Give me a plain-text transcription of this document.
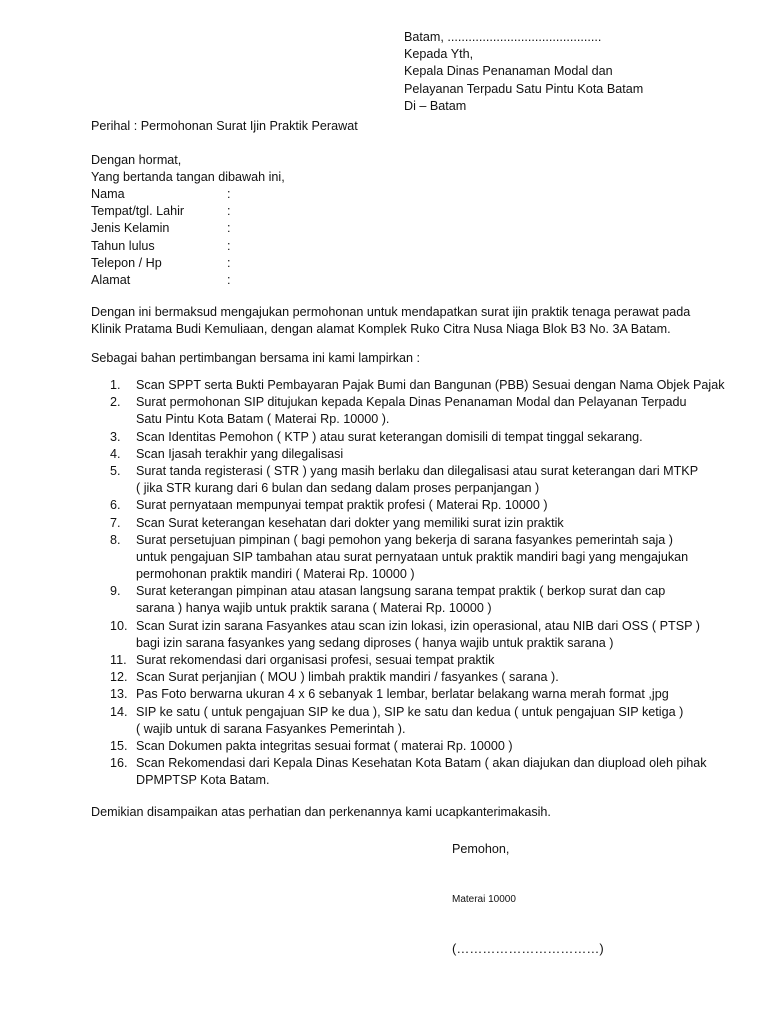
Batam, ............................................
Kepada Yth,
Kepala Dinas Penanaman Modal dan
Pelayanan Terpadu Satu Pintu Kota Batam
Di – Batam
Perihal : Permohonan Surat Ijin Praktik Perawat
Dengan hormat,
Yang bertanda tangan dibawah ini,
Nama	:
Tempat/tgl. Lahir	:
Jenis Kelamin	:
Tahun lulus	:
Telepon / Hp	:
Alamat	:
Dengan ini bermaksud mengajukan permohonan untuk mendapatkan surat ijin praktik tenaga perawat pada
Klinik Pratama Budi Kemuliaan, dengan alamat Komplek Ruko Citra Nusa Niaga Blok B3 No. 3A Batam.
Sebagai bahan pertimbangan bersama ini kami lampirkan :
1. Scan SPPT serta Bukti Pembayaran Pajak Bumi dan Bangunan (PBB) Sesuai dengan Nama Objek Pajak
2. Surat permohonan SIP ditujukan kepada Kepala Dinas Penanaman Modal dan Pelayanan Terpadu
Satu Pintu Kota Batam ( Materai Rp. 10000 ).
3. Scan Identitas Pemohon ( KTP ) atau surat keterangan domisili di tempat tinggal sekarang.
4. Scan Ijasah terakhir yang dilegalisasi
5. Surat tanda registerasi ( STR ) yang masih berlaku dan dilegalisasi atau surat keterangan dari MTKP
( jika STR kurang dari 6 bulan dan sedang dalam proses perpanjangan )
6. Surat pernyataan mempunyai tempat praktik profesi ( Materai Rp. 10000 )
7. Scan Surat keterangan kesehatan dari dokter yang memiliki surat izin praktik
8. Surat persetujuan pimpinan ( bagi pemohon yang bekerja di sarana fasyankes pemerintah saja )
untuk pengajuan SIP tambahan atau surat pernyataan untuk praktik mandiri bagi yang mengajukan
permohonan praktik mandiri ( Materai Rp. 10000 )
9. Surat keterangan pimpinan atau atasan langsung sarana tempat praktik ( berkop surat dan cap
sarana ) hanya wajib untuk praktik sarana ( Materai Rp. 10000 )
10. Scan Surat izin sarana Fasyankes atau scan izin lokasi, izin operasional, atau NIB dari OSS ( PTSP )
bagi izin sarana fasyankes yang sedang diproses ( hanya wajib untuk praktik sarana )
11. Surat rekomendasi dari organisasi profesi, sesuai tempat praktik
12. Scan Surat perjanjian ( MOU ) limbah praktik mandiri / fasyankes ( sarana ).
13. Pas Foto berwarna ukuran 4 x 6 sebanyak 1 lembar, berlatar belakang warna merah format ,jpg
14. SIP ke satu ( untuk pengajuan SIP ke dua ), SIP ke satu dan kedua ( untuk pengajuan SIP ketiga )
( wajib untuk di sarana Fasyankes Pemerintah ).
15. Scan Dokumen pakta integritas sesuai format ( materai Rp. 10000 )
16. Scan Rekomendasi dari Kepala Dinas Kesehatan Kota Batam ( akan diajukan dan diupload oleh pihak
DPMPTSP Kota Batam.
Demikian disampaikan atas perhatian dan perkenannya kami ucapkanterimakasih.
Pemohon,
Materai 10000
(……………………………)
